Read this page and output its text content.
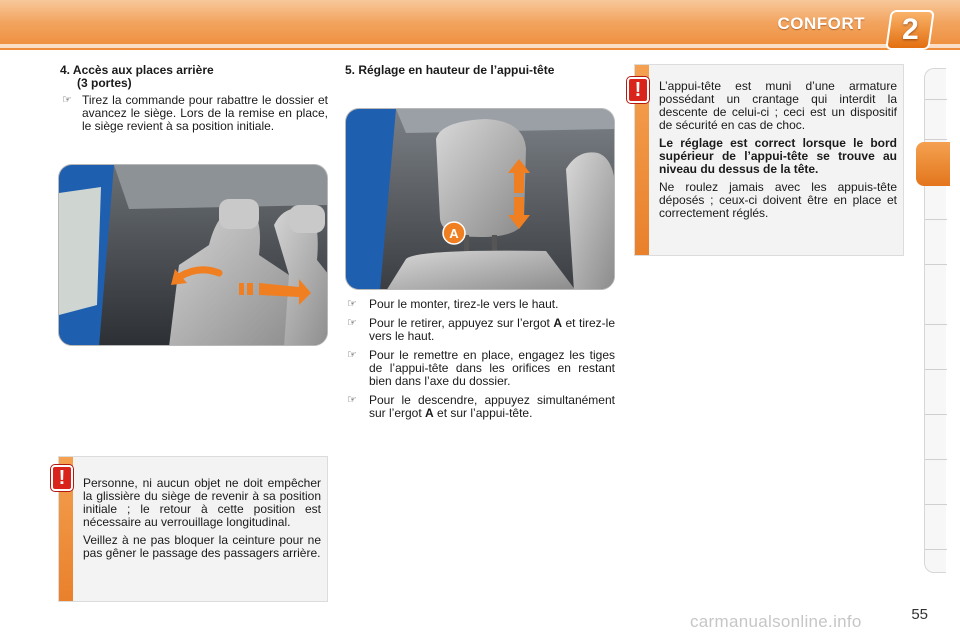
CONFORT 2
4. Accès aux places arrière
(3 portes)
☞ Tirez la commande pour rabattre le dossier et avancez le siège. Lors de la remise en place, le siège revient à sa position initiale.
5. Réglage en hauteur de l’appui-tête
A
☞ Pour le monter, tirez-le vers le haut.
☞ Pour le retirer, appuyez sur l’ergot A et tirez-le vers le haut.
☞ Pour le remettre en place, engagez les tiges de l’appui-tête dans les orifices en restant bien dans l’axe du dossier.
☞ Pour le descendre, appuyez simultanément sur l’ergot A et sur l’appui-tête.
!	L’appui-tête est muni d’une armature possédant un crantage qui interdit la descente de celui-ci ; ceci est un dispositif de sécurité en cas de choc.

Le réglage est correct lorsque le bord supérieur de l’appui-tête se trouve au niveau du dessus de la tête.

Ne roulez jamais avec les appuis-tête déposés ; ceux-ci doivent être en place et correctement réglés.

!	Personne, ni aucun objet ne doit empêcher la glissière du siège de revenir à sa position initiale ; le retour à cette position est nécessaire au verrouillage longitudinal.

Veillez à ne pas bloquer la ceinture pour ne pas gêner le passage des passagers arrière.

55
carmanualsonline.info
